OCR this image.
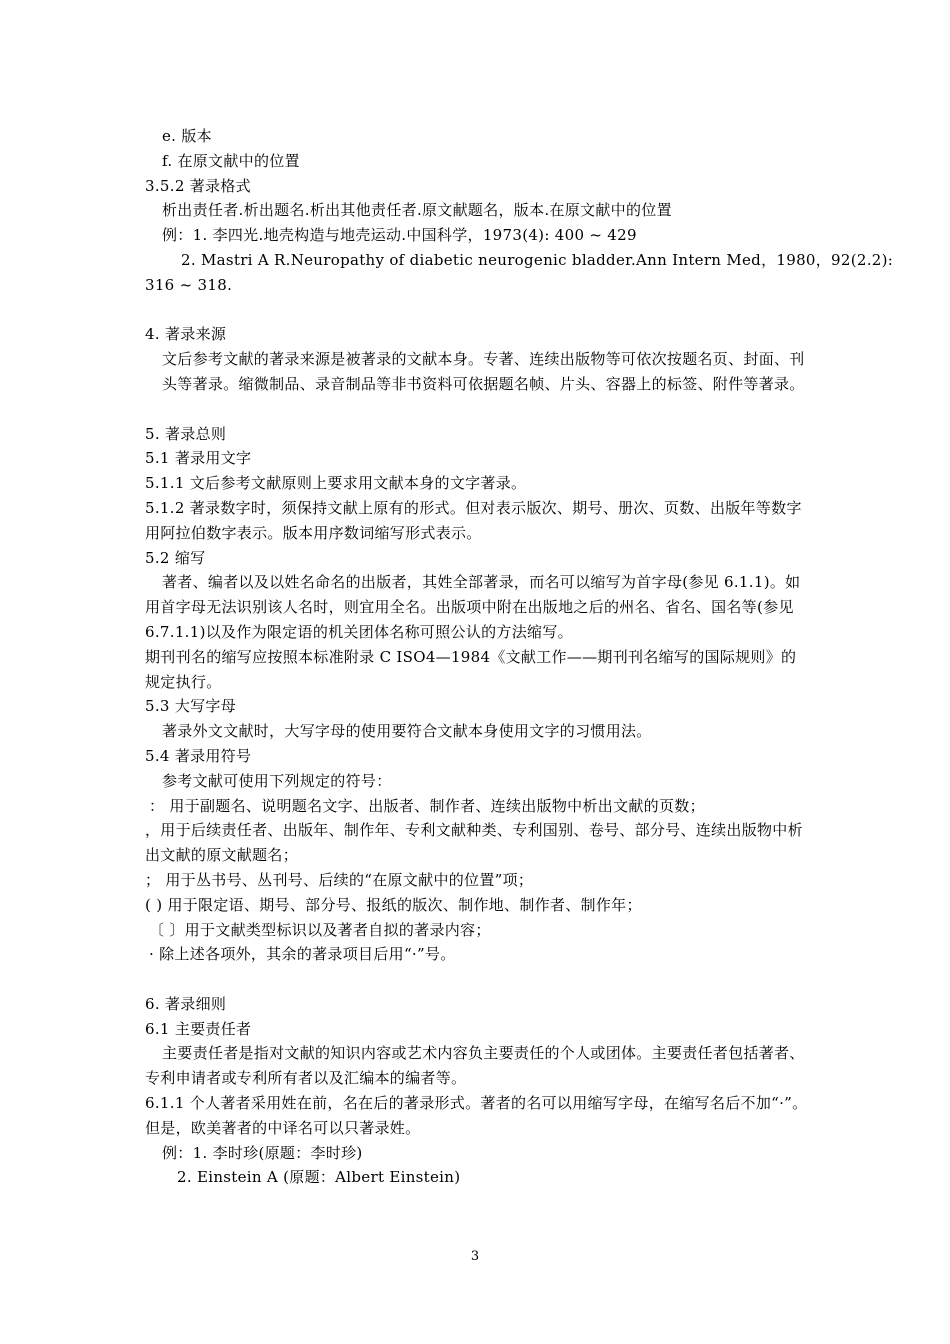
e. 版本
f. 在原文献中的位置
3.5.2 著录格式
析出责任者.析出题名.析出其他责任者.原文献题名，版本.在原文献中的位置
例：1. 李四光.地壳构造与地壳运动.中国科学，1973(4): 400 ~ 429
2. Mastri A R.Neuropathy of diabetic neurogenic bladder.Ann Intern Med，1980，92(2.2):
316 ~ 318.
4. 著录来源
文后参考文献的著录来源是被著录的文献本身。专著、连续出版物等可依次按题名页、封面、刊头等著录。缩微制品、录音制品等非书资料可依据题名帧、片头、容器上的标签、附件等著录。
5. 著录总则
5.1 著录用文字
5.1.1 文后参考文献原则上要求用文献本身的文字著录。
5.1.2 著录数字时，须保持文献上原有的形式。但对表示版次、期号、册次、页数、出版年等数字用阿拉伯数字表示。版本用序数词缩写形式表示。
5.2 缩写
著者、编者以及以姓名命名的出版者，其姓全部著录，而名可以缩写为首字母(参见 6.1.1)。如用首字母无法识别该人名时，则宜用全名。出版项中附在出版地之后的州名、省名、国名等(参见 6.7.1.1)以及作为限定语的机关团体名称可照公认的方法缩写。
期刊刊名的缩写应按照本标准附录 C ISO4—1984《文献工作——期刊刊名缩写的国际规则》的规定执行。
5.3 大写字母
著录外文文献时，大写字母的使用要符合文献本身使用文字的习惯用法。
5.4 著录用符号
参考文献可使用下列规定的符号：
： 用于副题名、说明题名文字、出版者、制作者、连续出版物中析出文献的页数；
，用于后续责任者、出版年、制作年、专利文献种类、专利国别、卷号、部分号、连续出版物中析出文献的原文献题名；
； 用于丛书号、丛刊号、后续的“在原文献中的位置”项；
( ) 用于限定语、期号、部分号、报纸的版次、制作地、制作者、制作年；
〔 〕用于文献类型标识以及著者自拟的著录内容；
· 除上述各项外，其余的著录项目后用“·”号。
6. 著录细则
6.1 主要责任者
主要责任者是指对文献的知识内容或艺术内容负主要责任的个人或团体。主要责任者包括著者、专利申请者或专利所有者以及汇编本的编者等。
6.1.1 个人著者采用姓在前，名在后的著录形式。著者的名可以用缩写字母，在缩写名后不加“·”。但是，欧美著者的中译名可以只著录姓。
例：1. 李时珍(原题：李时珍)
2. Einstein A (原题：Albert Einstein)
3
